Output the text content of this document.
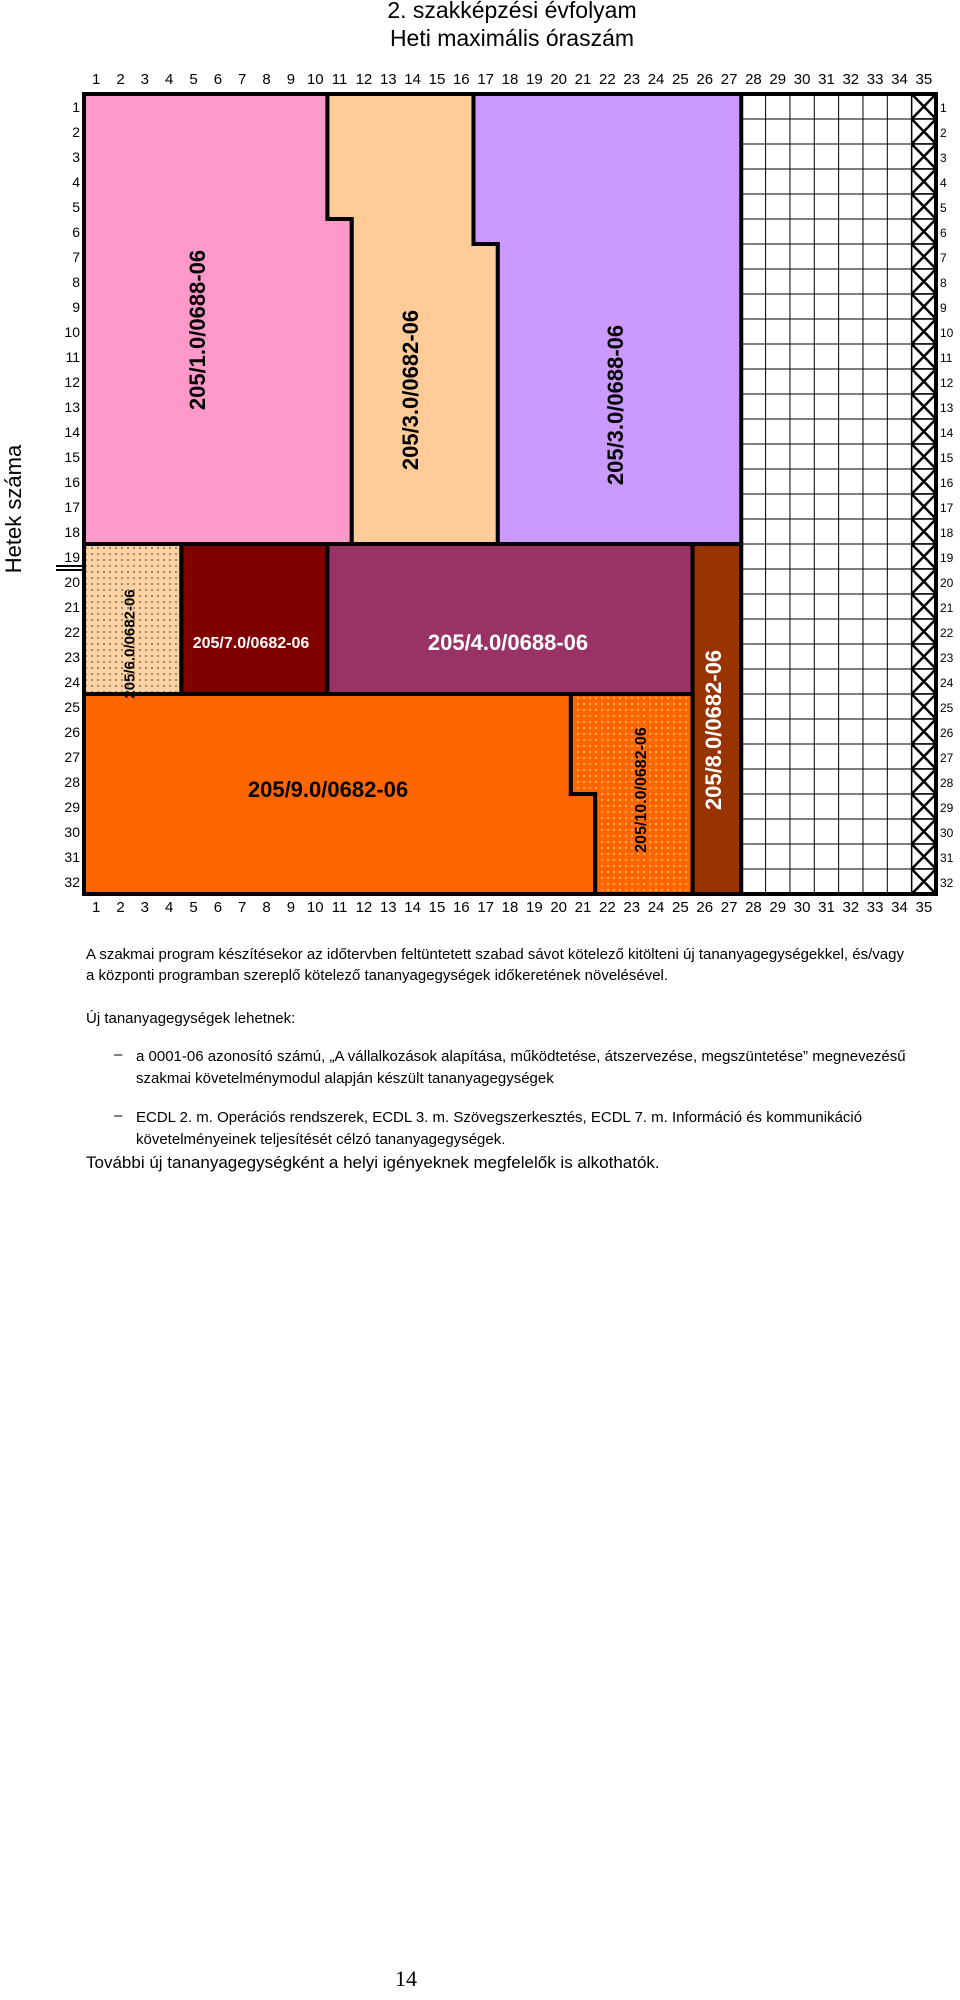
2. szakképzési évfolyam
Heti maximális óraszám
Hetek száma
1 2 3 4 5 6 7 8 9 10 11 12 13 14 15 16 17 18 19 20 21 22 23 24 25 26 27 28 29 30 31 32 33 34 35
1 2 3 4 5 6 7 8 9 10 11 12 13 14 15 16 17 18 19 20 21 22 23 24 25 26 27 28 29 30 31 32 33 34 35
1
2
3
4
5
6
7
8
9
10
11
12
13
14
15
16
17
18
19
20
21
22
23
24
25
26
27
28
29
30
31
32
1
2
3
4
5
6
7
8
9
10
11
12
13
14
15
16
17
18
19
20
21
22
23
24
25
26
27
28
29
30
31
32
205/1.0/0688-06	205/3.0/0682-06	205/3.0/0688-06
205/6.0/0682-06	205/7.0/0682-06	205/4.0/0688-06
205/8.0/0682-06
205/9.0/0682-06	205/10.0/0682-06
A szakmai program készítésekor az időtervben feltüntetett szabad sávot kötelező kitölteni új tananyagegységekkel, és/vagy a központi programban szereplő kötelező tananyagegységek időkeretének növelésével.
Új tananyagegységek lehetnek:
– a 0001-06 azonosító számú, „A vállalkozások alapítása, működtetése, átszervezése, megszüntetése” megnevezésű szakmai követelménymodul alapján készült tananyagegységek
– ECDL 2. m. Operációs rendszerek, ECDL 3. m. Szövegszerkesztés, ECDL 7. m. Információ és kommunikáció követelményeinek teljesítését célzó tananyagegységek.
További új tananyagegységként a helyi igényeknek megfelelők is alkothatók.
14
